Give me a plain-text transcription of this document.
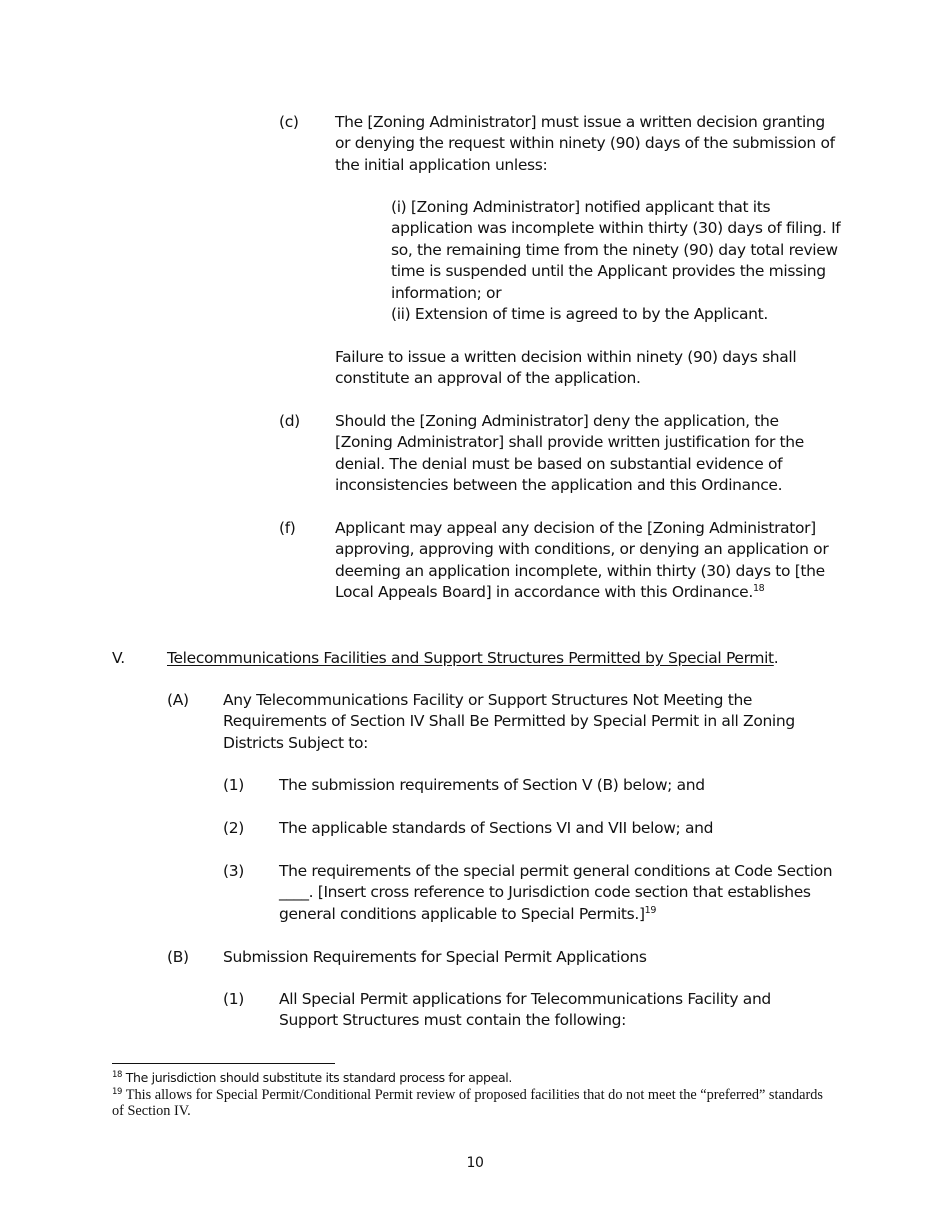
(c) The [Zoning Administrator] must issue a written decision granting or denying the request within ninety (90) days of the submission of the initial application unless:
(i) [Zoning Administrator] notified applicant that its application was incomplete within thirty (30) days of filing. If so, the remaining time from the ninety (90) day total review time is suspended until the Applicant provides the missing information; or
(ii) Extension of time is agreed to by the Applicant.
Failure to issue a written decision within ninety (90) days shall constitute an approval of the application.
(d) Should the [Zoning Administrator] deny the application, the [Zoning Administrator] shall provide written justification for the denial. The denial must be based on substantial evidence of inconsistencies between the application and this Ordinance.
(f)	Applicant may appeal any decision of the [Zoning Administrator] approving, approving with conditions, or denying an application or deeming an application incomplete, within thirty (30) days to [the Local Appeals Board] in accordance with this Ordinance.$^{18}$
V.	Telecommunications Facilities and Support Structures Permitted by Special Permit.
(A) Any Telecommunications Facility or Support Structures Not Meeting the Requirements of Section IV Shall Be Permitted by Special Permit in all Zoning Districts Subject to:
(1) The submission requirements of Section V (B) below; and
(2) The applicable standards of Sections VI and VII below; and
(3) The requirements of the special permit general conditions at Code Section ____. [Insert cross reference to Jurisdiction code section that establishes general conditions applicable to Special Permits.]$^{19}$
(B) Submission Requirements for Special Permit Applications
(1) All Special Permit applications for Telecommunications Facility and Support Structures must contain the following:
$^{18}$ The jurisdiction should substitute its standard process for appeal.
$^{19}$ This allows for Special Permit/Conditional Permit review of proposed facilities that do not meet the “preferred” standards of Section IV.
10
